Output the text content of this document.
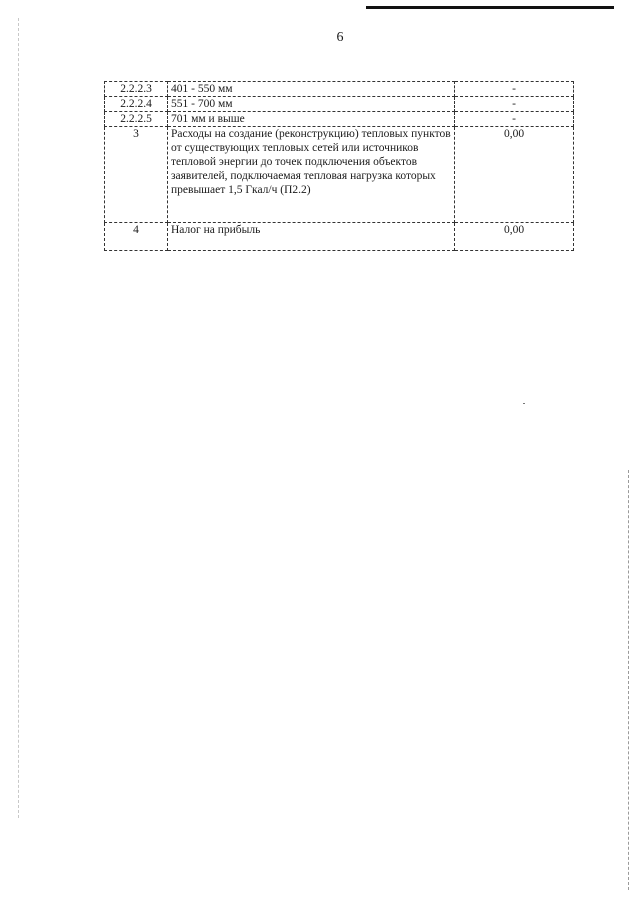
6
2.2.2.3	401 - 550 мм	-
2.2.2.4	551 - 700 мм	-
2.2.2.5	701 мм и выше	-
3	Расходы на создание (реконструкцию) тепловых пунктов от существующих тепловых сетей или источников тепловой энергии до точек подключения объектов заявителей, подключаемая тепловая нагрузка которых превышает 1,5 Гкал/ч (П2.2)	0,00
4	Налог на прибыль	0,00
